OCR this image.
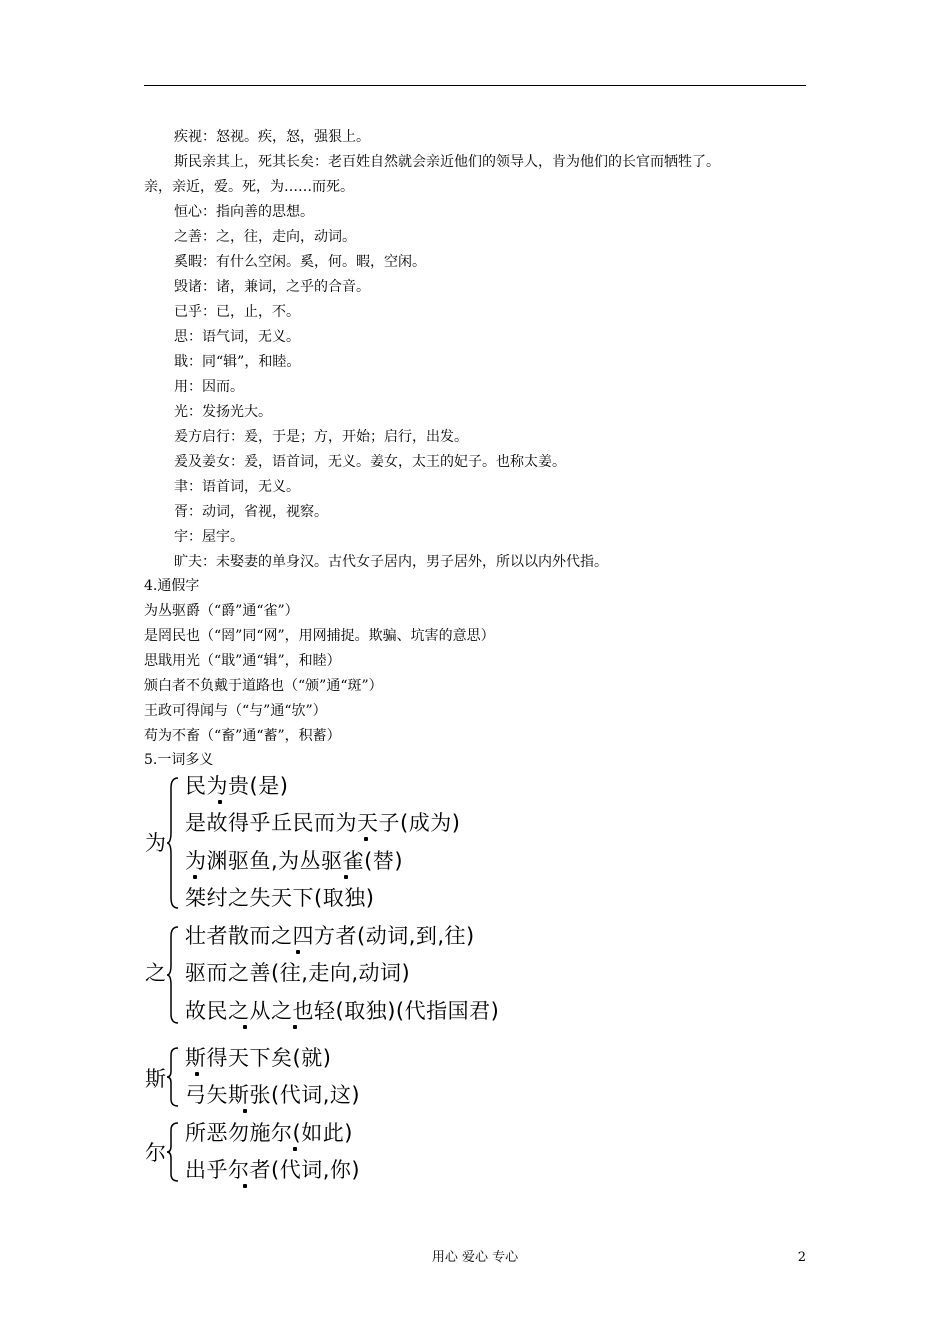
疾视：怒视。疾，怒，强狠上。
斯民亲其上，死其长矣：老百姓自然就会亲近他们的领导人，肯为他们的长官而牺牲了。
亲，亲近，爱。死，为……而死。
恒心：指向善的思想。
之善：之，往，走向，动词。
奚暇：有什么空闲。奚，何。暇，空闲。
毁诸：诸，兼词，之乎的合音。
已乎：已，止，不。
思：语气词，无义。
戢：同“辑”，和睦。
用：因而。
光：发扬光大。
爰方启行：爰，于是；方，开始；启行，出发。
爰及姜女：爰，语首词，无义。姜女，太王的妃子。也称太姜。
聿：语首词，无义。
胥：动词，省视，视察。
宇：屋宇。
旷夫：未娶妻的单身汉。古代女子居内，男子居外，所以以内外代指。
4.通假字
为丛驱爵（“爵”通“雀”）
是罔民也（“罔”同“网”，用网捕捉。欺骗、坑害的意思）
思戢用光（“戢”通“辑”，和睦）
颁白者不负戴于道路也（“颁”通“斑”）
王政可得闻与（“与”通“欤”）
苟为不畜（“畜”通“蓄”，积蓄）
5.一词多义
为
民为贵(是)
是故得乎丘民而为天子(成为)
为渊驱鱼,为丛驱雀(替)
桀纣之失天下(取独)
之
壮者散而之四方者(动词,到,往)
驱而之善(往,走向,动词)
故民之从之也轻(取独)(代指国君)
斯
斯得天下矣(就)
弓矢斯张(代词,这)
尔
所恶勿施尔(如此)
出乎尔者(代词,你)
用心 爱心 专心	2
